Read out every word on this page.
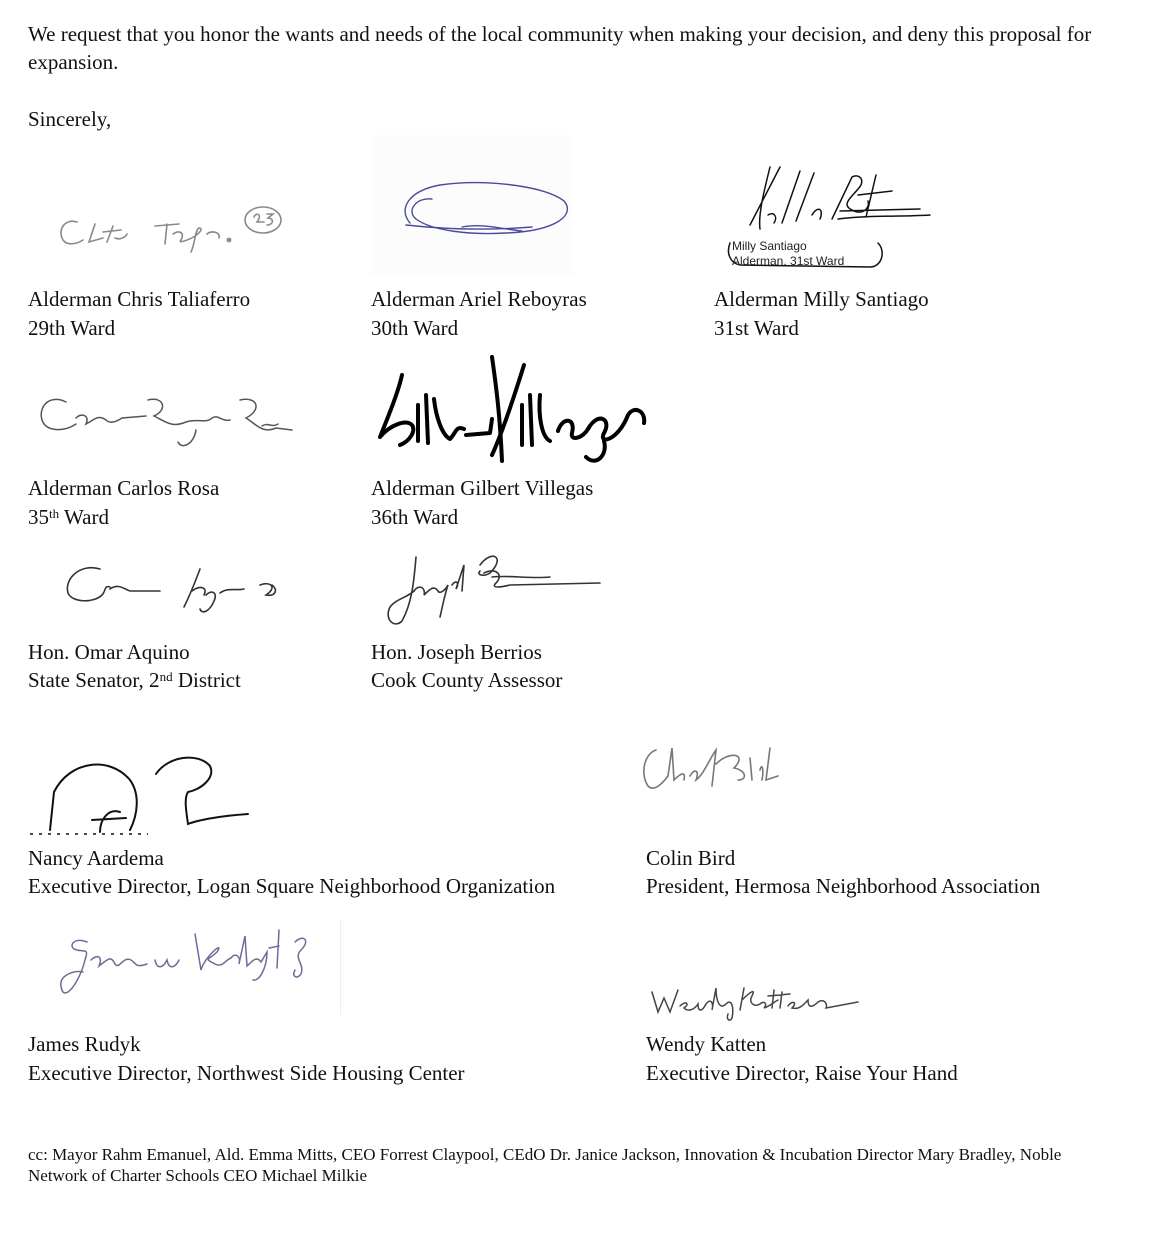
We request that you honor the wants and needs of the local community when making your decision, and deny this proposal for expansion.
Sincerely,
Alderman Chris Taliaferro
29th Ward
Alderman Ariel Reboyras
30th Ward
Milly Santiago
Alderman, 31st Ward
Alderman Milly Santiago
31st Ward
Alderman Carlos Rosa
35th Ward
Alderman Gilbert Villegas
36th Ward
Hon. Omar Aquino
State Senator, 2nd District
Hon. Joseph Berrios
Cook County Assessor
Nancy Aardema
Executive Director, Logan Square Neighborhood Organization
Colin Bird
President, Hermosa Neighborhood Association
James Rudyk
Executive Director, Northwest Side Housing Center
Wendy Katten
Executive Director, Raise Your Hand
cc: Mayor Rahm Emanuel, Ald. Emma Mitts, CEO Forrest Claypool, CEdO Dr. Janice Jackson, Innovation & Incubation Director Mary Bradley, Noble Network of Charter Schools CEO Michael Milkie
